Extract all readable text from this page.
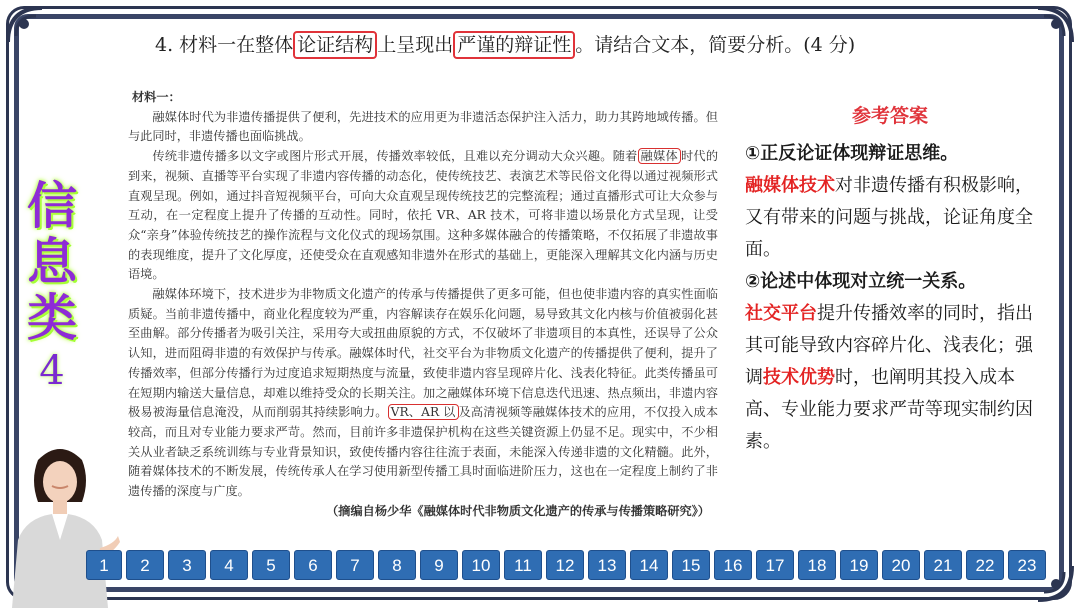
4. 材料一在整体 论证结构 上呈现出 严谨的辩证性 。请结合文本，简要分析。(4 分)
信
息
类
4

材料一：

融媒体时代为非遗传播提供了便利，先进技术的应用更为非遗活态保护注入活力，助力其跨地域传播。但与此同时，非遗传播也面临挑战。

传统非遗传播多以文字或图片形式开展，传播效率较低，且难以充分调动大众兴趣。随着 融媒体 时代的到来，视频、直播等平台实现了非遗内容传播的动态化，使传统技艺、表演艺术等民俗文化得以通过视频形式直观呈现。例如，通过抖音短视频平台，可向大众直观呈现传统技艺的完整流程；通过直播形式可让大众参与互动，在一定程度上提升了传播的互动性。同时，依托 VR、AR 技术，可将非遗以场景化方式呈现，让受众“亲身”体验传统技艺的操作流程与文化仪式的现场氛围。这种多媒体融合的传播策略，不仅拓展了非遗故事的表现维度，提升了文化厚度，还使受众在直观感知非遗外在形式的基础上，更能深入理解其文化内涵与历史语境。

融媒体环境下，技术进步为非物质文化遗产的传承与传播提供了更多可能，但也使非遗内容的真实性面临质疑。当前非遗传播中，商业化程度较为严重，内容解读存在娱乐化问题，易导致其文化内核与价值被弱化甚至曲解。部分传播者为吸引关注，采用夸大或扭曲原貌的方式，不仅破坏了非遗项目的本真性，还误导了公众认知，进而阻碍非遗的有效保护与传承。融媒体时代，社交平台为非物质文化遗产的传播提供了便利，提升了传播效率，但部分传播行为过度追求短期热度与流量，致使非遗内容呈现碎片化、浅表化特征。此类传播虽可在短期内输送大量信息，却难以维持受众的长期关注。加之融媒体环境下信息迭代迅速、热点频出，非遗内容极易被海量信息淹没，从而削弱其持续影响力。 VR、AR 以 及高清视频等融媒体技术的应用，不仅投入成本较高，而且对专业能力要求严苛。然而，目前许多非遗保护机构在这些关键资源上仍显不足。现实中，不少相关从业者缺乏系统训练与专业背景知识，致使传播内容往往流于表面，未能深入传递非遗的文化精髓。此外，随着媒体技术的不断发展，传统传承人在学习使用新型传播工具时面临进阶压力，这也在一定程度上制约了非遗传播的深度与广度。

（摘编自杨少华《融媒体时代非物质文化遗产的传承与传播策略研究》）

参考答案
①正反论证体现辩证思维。
融媒体技术对非遗传播有积极影响，又有带来的问题与挑战，论证角度全面。
②论述中体现对立统一关系。
社交平台提升传播效率的同时，指出其可能导致内容碎片化、浅表化；强调技术优势时，也阐明其投入成本高、专业能力要求严苛等现实制约因素。
1	2	3	4	5	6	7	8	9	10	11	12	13	14	15	16	17	18	19	20	21	22	23
